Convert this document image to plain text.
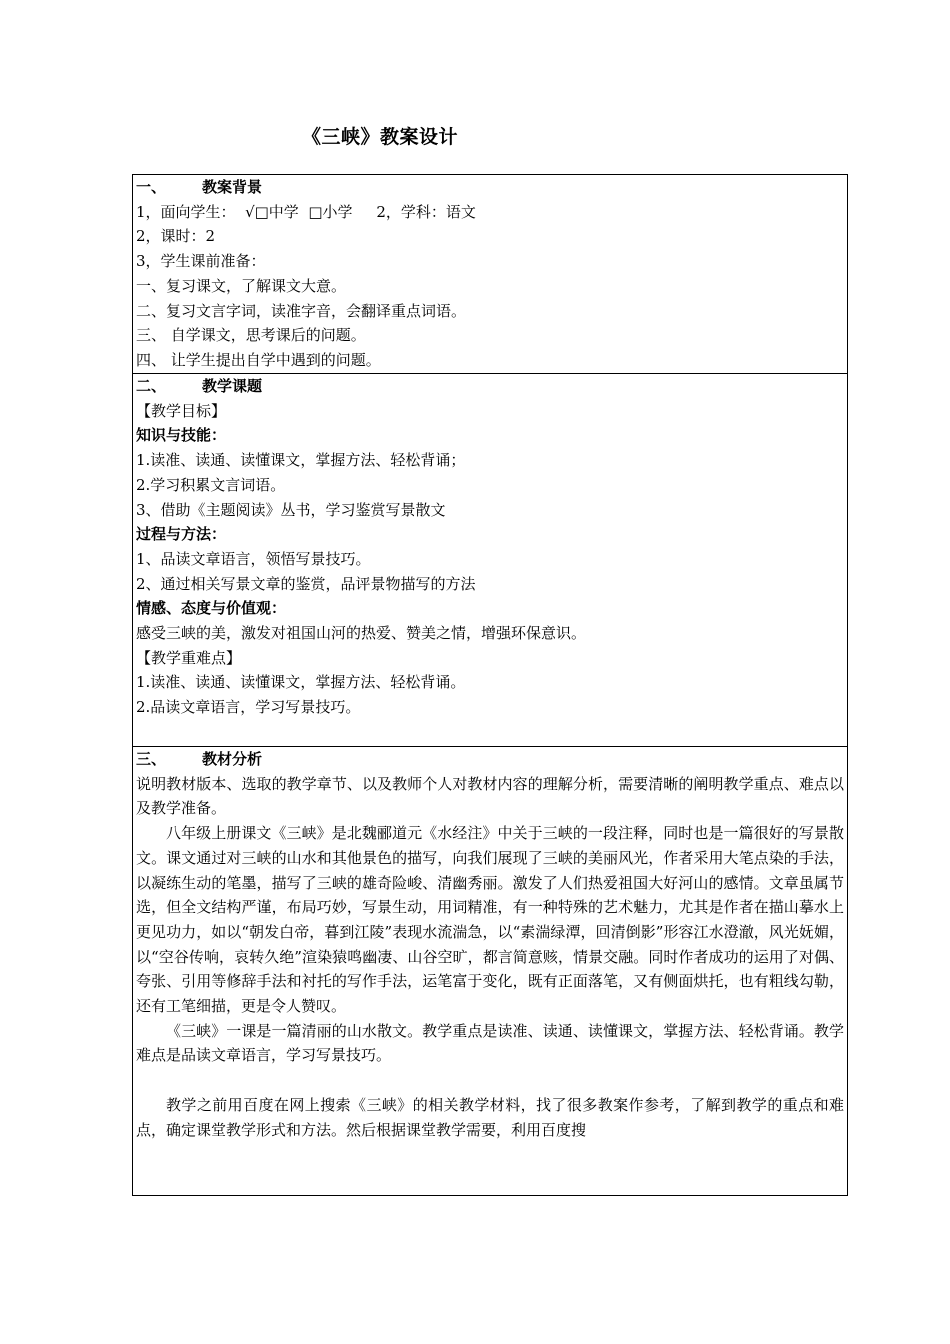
《三峡》教案设计
一、 教案背景
1，面向学生：  √□中学  □小学     2，学科：语文
2，课时：2
3，学生课前准备：
一、复习课文，了解课文大意。
二、复习文言字词，读准字音，会翻译重点词语。
三、 自学课文，思考课后的问题。
四、 让学生提出自学中遇到的问题。

二、 教学课题
【教学目标】
知识与技能：
1.读准、读通、读懂课文，掌握方法、轻松背诵；
2.学习积累文言词语。
3、借助《主题阅读》丛书，学习鉴赏写景散文
过程与方法：
1、品读文章语言，领悟写景技巧。
2、通过相关写景文章的鉴赏，品评景物描写的方法
情感、态度与价值观：
感受三峡的美，激发对祖国山河的热爱、赞美之情，增强环保意识。
【教学重难点】
1.读准、读通、读懂课文，掌握方法、轻松背诵。
2.品读文章语言，学习写景技巧。

三、 教材分析
说明教材版本、选取的教学章节、以及教师个人对教材内容的理解分析，需要清晰的阐明教学重点、难点以及教学准备。
八年级上册课文《三峡》是北魏郦道元《水经注》中关于三峡的一段注释，同时也是一篇很好的写景散文。课文通过对三峡的山水和其他景色的描写，向我们展现了三峡的美丽风光，作者采用大笔点染的手法，以凝练生动的笔墨，描写了三峡的雄奇险峻、清幽秀丽。激发了人们热爱祖国大好河山的感情。文章虽属节选，但全文结构严谨，布局巧妙，写景生动，用词精准，有一种特殊的艺术魅力，尤其是作者在描山摹水上更见功力，如以“朝发白帝，暮到江陵”表现水流湍急，以“素湍绿潭，回清倒影”形容江水澄澈，风光妩媚，以“空谷传响，哀转久绝”渲染猿鸣幽凄、山谷空旷，都言简意赅，情景交融。同时作者成功的运用了对偶、夸张、引用等修辞手法和衬托的写作手法，运笔富于变化，既有正面落笔，又有侧面烘托，也有粗线勾勒，还有工笔细描，更是令人赞叹。
《三峡》一课是一篇清丽的山水散文。教学重点是读准、读通、读懂课文，掌握方法、轻松背诵。教学难点是品读文章语言，学习写景技巧。
教学之前用百度在网上搜索《三峡》的相关教学材料，找了很多教案作参考，了解到教学的重点和难点，确定课堂教学形式和方法。然后根据课堂教学需要，利用百度搜
